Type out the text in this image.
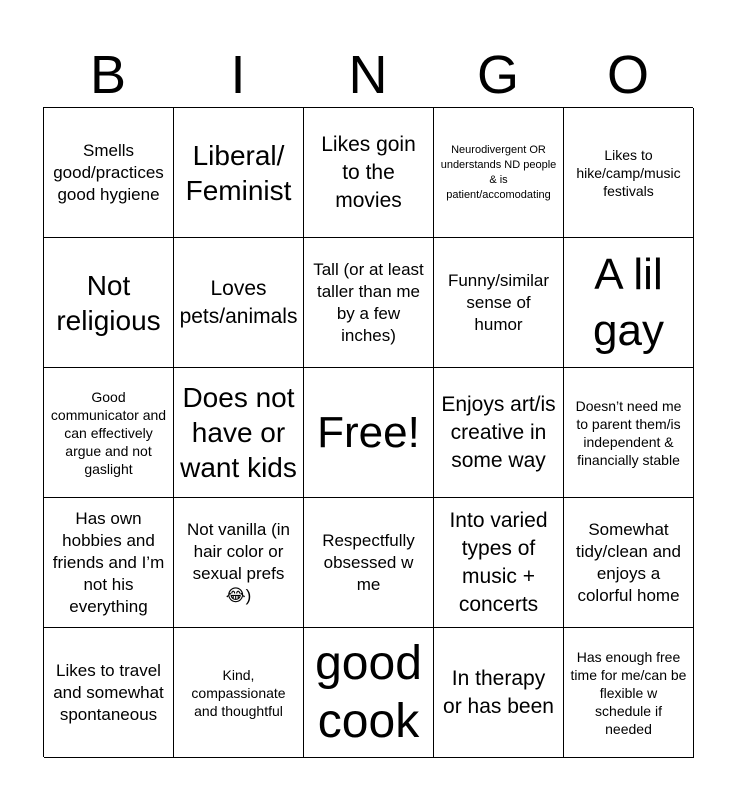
B	I	N	G	O
Smells good/practices good hygiene
Liberal/ Feminist
Likes goin to the movies
Neurodivergent OR understands ND people & is patient/accomodating
Likes to hike/camp/music festivals
Not religious
Loves pets/animals
Tall (or at least taller than me by a few inches)
Funny/similar sense of humor
A lil gay
Good communicator and can effectively argue and not gaslight
Does not have or want kids
Free!
Enjoys art/is creative in some way
Doesn’t need me to parent them/is independent & financially stable
Has own hobbies and friends and I’m not his everything
Not vanilla (in hair color or sexual prefs 😂)
Respectfully obsessed w me
Into varied types of music + concerts
Somewhat tidy/clean and enjoys a colorful home
Likes to travel and somewhat spontaneous
Kind, compassionate and thoughtful
good cook
In therapy or has been
Has enough free time for me/can be flexible w schedule if needed
